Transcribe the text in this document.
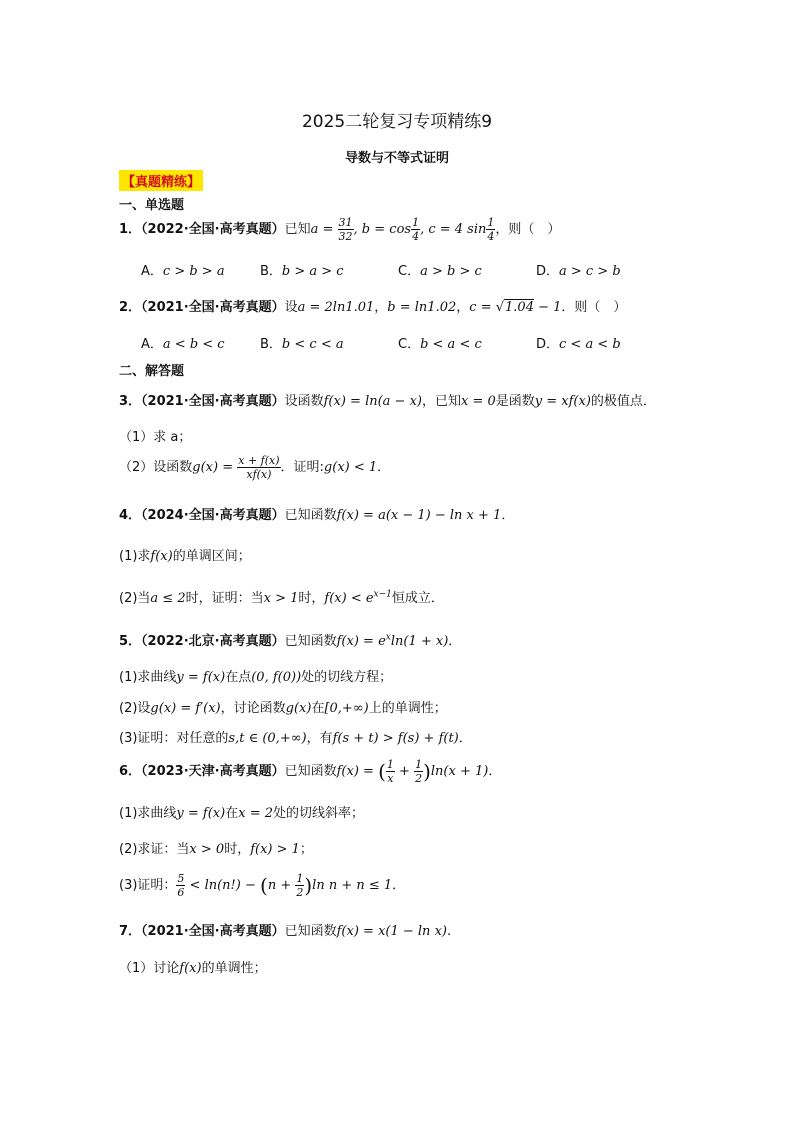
2025二轮复习专项精练9
导数与不等式证明
【真题精练】
一、单选题
1．（2022·全国·高考真题）已知$a = \frac{31}{32}$ , $b = \cos \frac{1}{4}$ , c = 4 $\sin \frac{1}{4}$ ，则（　）
A．c > b > a	B．b > a > c	C．a > b > c	D．a > c > b
2．（2021·全国·高考真题）设a = 2ln1.01，b = ln1.02，c = √1.04 − 1．则（　）
A．a < b < c	B．b < c < a	C．b < a < c	D．c < a < b
二、解答题
3．（2021·全国·高考真题）设函数f(x) = ln(a − x)，已知x = 0是函数y = xf(x)的极值点．
（1）求 a；
（2）设函数$g(x) = \frac{x + f(x)}{xf(x)}$ ．证明:g(x) < 1．
4．（2024·全国·高考真题）已知函数f(x) = a(x − 1) − ln x + 1．
(1)求f(x)的单调区间；
(2)当a ≤ 2时，证明：当x > 1时，$f(x) < e^{x-1}$恒成立．
5．（2022·北京·高考真题）已知函数$f(x) = e^x\ln(1 + x)$．
(1)求曲线y = f(x)在点(0, f(0))处的切线方程；
(2)设g(x) = f′(x)，讨论函数g(x)在[0,+∞)上的单调性；
(3)证明：对任意的s,t ∈ (0,+∞)，有f(s + t) > f(s) + f(t)．
6．（2023·天津·高考真题）已知函数f(x) = ( $\frac{1}{x} + \frac{1}{2} )\ln(x + 1)$．
(1)求曲线y = f(x)在x = 2处的切线斜率；
(2)求证：当x > 0时，f(x) > 1；
(3)证明： $\frac{5}{6} < \ln(n!) - (n + \frac{1}{2} )\ln$ n + n ≤ 1．
7．（2021·全国·高考真题）已知函数f(x) = x(1 − ln x).
（1）讨论f(x)的单调性；
